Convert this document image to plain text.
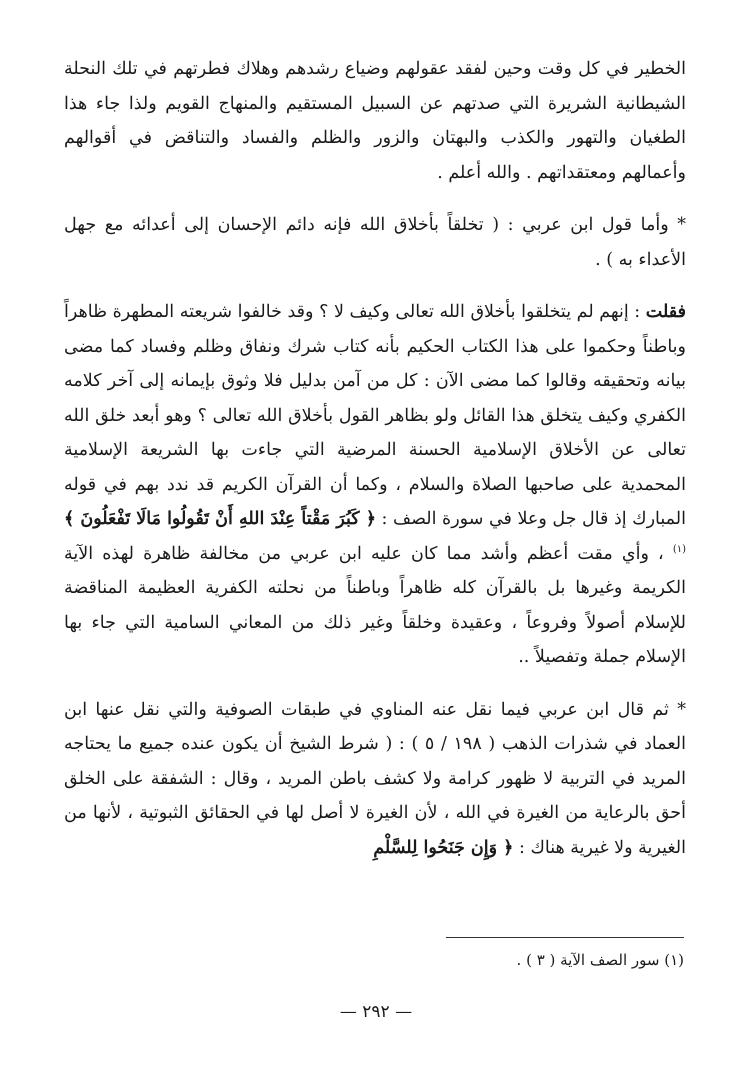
الخطير في كل وقت وحين لفقد عقولهم وضياع رشدهم وهلاك فطرتهم في تلك النحلة الشيطانية الشريرة التي صدتهم عن السبيل المستقيم والمنهاج القويم ولذا جاء هذا الطغيان والتهور والكذب والبهتان والزور والظلم والفساد والتناقض في أقوالهم وأعمالهم ومعتقداتهم . والله أعلم .

* وأما قول ابن عربي : ( تخلقاً بأخلاق الله فإنه دائم الإحسان إلى أعدائه مع جهل الأعداء به ) .

فقلت : إنهم لم يتخلقوا بأخلاق الله تعالى وكيف لا ؟ وقد خالفوا شريعته المطهرة ظاهراً وباطناً وحكموا على هذا الكتاب الحكيم بأنه كتاب شرك ونفاق وظلم وفساد كما مضى بيانه وتحقيقه وقالوا كما مضى الآن : كل من آمن بدليل فلا وثوق بإيمانه إلى آخر كلامه الكفري وكيف يتخلق هذا القائل ولو بظاهر القول بأخلاق الله تعالى ؟ وهو أبعد خلق الله تعالى عن الأخلاق الإسلامية الحسنة المرضية التي جاءت بها الشريعة الإسلامية المحمدية على صاحبها الصلاة والسلام ، وكما أن القرآن الكريم قد ندد بهم في قوله المبارك إذ قال جل وعلا في سورة الصف : ﴿ كَبُرَ مَقْتاً عِنْدَ اللهِ أَنْ تَقُولُوا مَالَا تَفْعَلُونَ ﴾$^{(١)}$ ، وأي مقت أعظم وأشد مما كان عليه ابن عربي من مخالفة ظاهرة لهذه الآية الكريمة وغيرها بل بالقرآن كله ظاهراً وباطناً من نحلته الكفرية العظيمة المناقضة للإسلام أصولاً وفروعاً ، وعقيدة وخلقاً وغير ذلك من المعاني السامية التي جاء بها الإسلام جملة وتفصيلاً ..

* ثم قال ابن عربي فيما نقل عنه المناوي في طبقات الصوفية والتي نقل عنها ابن العماد في شذرات الذهب ( ١٩٨ / ٥ ) : ( شرط الشيخ أن يكون عنده جميع ما يحتاجه المريد في التربية لا ظهور كرامة ولا كشف باطن المريد ، وقال : الشفقة على الخلق أحق بالرعاية من الغيرة في الله ، لأن الغيرة لا أصل لها في الحقائق الثبوتية ، لأنها من الغيرية ولا غيرية هناك : ﴿ وَإِن جَنَحُوا لِلسَّلْمِ

(١) سور الصف الآية ( ٣ ) .
— ٢٩٢ —
